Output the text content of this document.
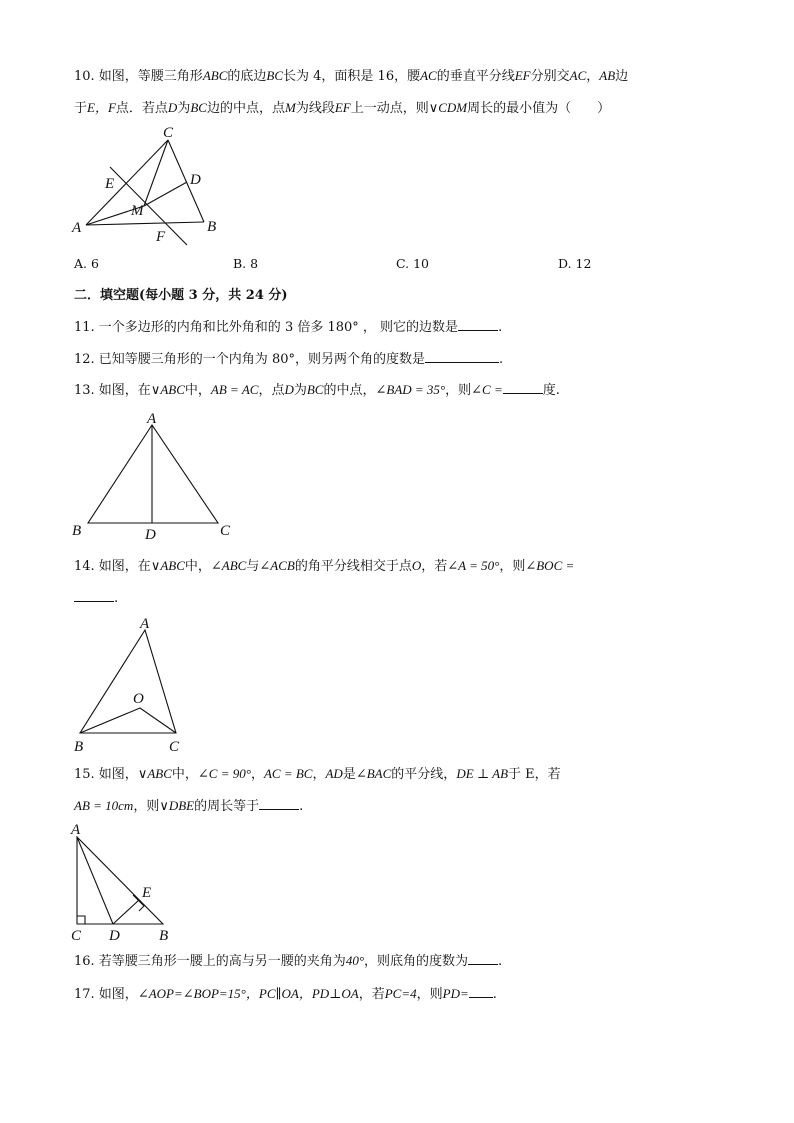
10. 如图，等腰三角形ABC的底边BC长为 4，面积是 16，腰AC的垂直平分线EF分别交AC，AB边
于E，F点．若点D为BC边的中点，点M为线段EF上一动点，则∨CDM周长的最小值为（　　）
C
E	D
M
A	B
F
A. 6	B. 8	C. 10	D. 12
二．填空题(每小题 3 分，共 24 分)
11. 一个多边形的内角和比外角和的 3 倍多 180° ， 则它的边数是	.
12. 已知等腰三角形的一个内角为 80°，则另两个角的度数是	.
13. 如图，在∨ABC中，AB = AC，点D为BC的中点，∠BAD = 35°，则∠C =	度.
A
B	D	C
14. 如图，在∨ABC中，∠ABC与∠ACB的角平分线相交于点O，若∠A = 50°，则∠BOC =
.
A
O
B	C
15. 如图，∨ABC中，∠C = 90°，AC = BC，AD是∠BAC的平分线，DE ⊥ AB于 E，若
AB = 10cm，则∨DBE的周长等于	.
A
E
C D	B
16. 若等腰三角形一腰上的高与另一腰的夹角为40°，则底角的度数为 .
17. 如图，∠AOP=∠BOP=15°，PC∥OA，PD⊥OA，若PC=4，则PD= .
